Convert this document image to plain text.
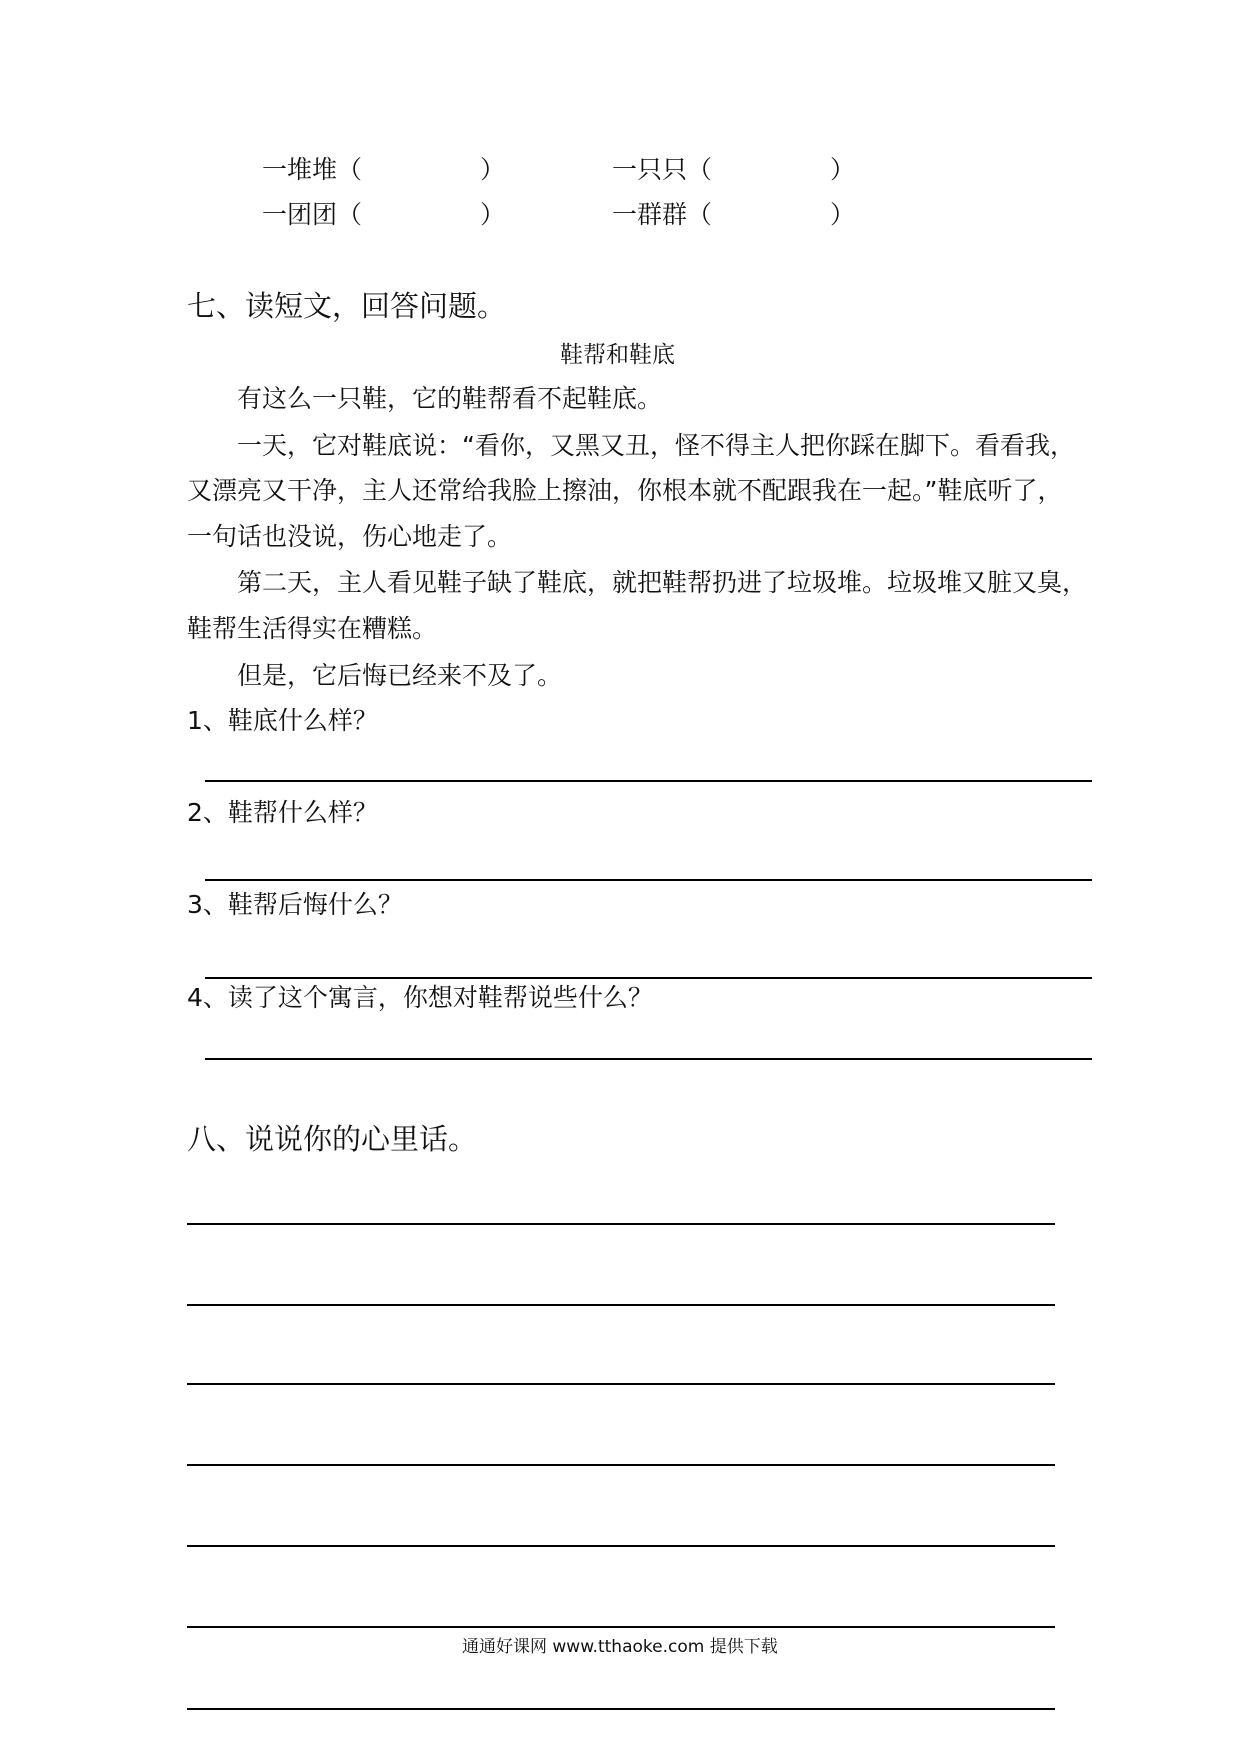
一堆堆（	）	一只只（	）
一团团（	）	一群群（	）
七、读短文，回答问题。
鞋帮和鞋底
有这么一只鞋，它的鞋帮看不起鞋底。
一天，它对鞋底说：“看你，又黑又丑，怪不得主人把你踩在脚下。看看我，
又漂亮又干净，主人还常给我脸上擦油，你根本就不配跟我在一起。”鞋底听了，
一句话也没说，伤心地走了。
第二天，主人看见鞋子缺了鞋底，就把鞋帮扔进了垃圾堆。垃圾堆又脏又臭，
鞋帮生活得实在糟糕。
但是，它后悔已经来不及了。
1、鞋底什么样？
2、鞋帮什么样？
3、鞋帮后悔什么？
4、读了这个寓言，你想对鞋帮说些什么？
八、说说你的心里话。
通通好课网 www.tthaoke.com 提供下载
